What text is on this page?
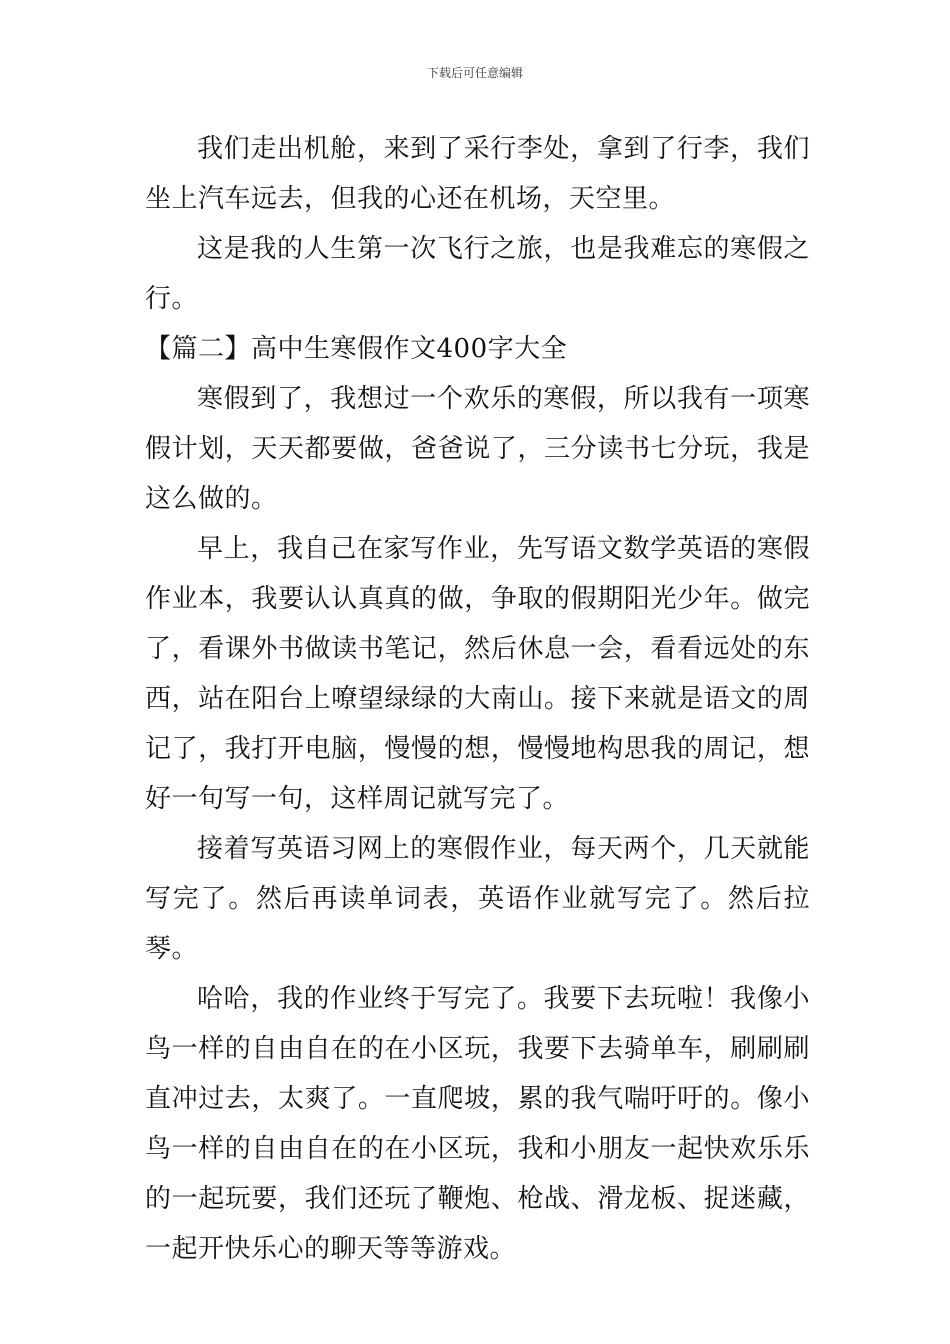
下载后可任意编辑

我们走出机舱，来到了采行李处，拿到了行李，我们坐上汽车远去，但我的心还在机场，天空里。

这是我的人生第一次飞行之旅，也是我难忘的寒假之行。

【篇二】高中生寒假作文400字大全

寒假到了，我想过一个欢乐的寒假，所以我有一项寒假计划，天天都要做，爸爸说了，三分读书七分玩，我是这么做的。

早上，我自己在家写作业，先写语文数学英语的寒假作业本，我要认认真真的做，争取的假期阳光少年。做完了，看课外书做读书笔记，然后休息一会，看看远处的东西，站在阳台上嘹望绿绿的大南山。接下来就是语文的周记了，我打开电脑，慢慢的想，慢慢地构思我的周记，想好一句写一句，这样周记就写完了。

接着写英语习网上的寒假作业，每天两个，几天就能写完了。然后再读单词表，英语作业就写完了。然后拉琴。

哈哈，我的作业终于写完了。我要下去玩啦！我像小鸟一样的自由自在的在小区玩，我要下去骑单车，刷刷刷直冲过去，太爽了。一直爬坡，累的我气喘吁吁的。像小鸟一样的自由自在的在小区玩，我和小朋友一起快欢乐乐的一起玩要，我们还玩了鞭炮、枪战、滑龙板、捉迷藏，一起开快乐心的聊天等等游戏。
